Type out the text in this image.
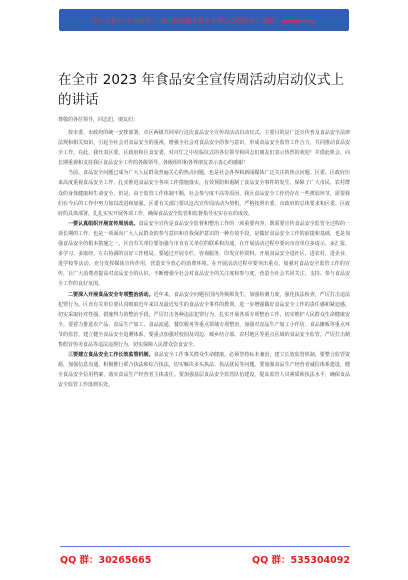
关注头条号"公文研究"，获得最新最全最专业的公文资料库！ 微信：gongwenyj
在全市 2023 年食品安全宣传周活动启动仪式上的讲话
尊敬的各位领导，同志们，朋友们：

按市委、市政府的统一安排部署，市区两级共同举行这次食品安全宣传周活动启动仪式。主要目的是广泛宣传普及食品安全法律法规和相关知识，引起全社会对食品安全的重视，增强全社会对食品安全的参与意识，形成食品安全监管工作合力，共同推动食品安全工作。在此，我代表区委、区政府和区食安委，对百忙之中莅临仪式的各位领导和同志们朋友们表示热烈的欢迎！并借此机会，向长期重视和支持我区食品安全工作的各级领导、各级组织和各界朋友表示衷心的感谢！

当前，食品安全问题已成为广大人民群众普遍关心的热点问题，也是社会各界和新闻媒体广泛关注的焦点问题。区委、区政府历来高度重视食品安全工作，扎实推进食品安全各项工作措施落实，有效预防和遏制了食品安全事件的发生，保障了广大市民、农村群众的身体健康和生命安全。但是，由于监管工作体制不顺，社会参与度不高等原因，我区食品安全工作仍存在一些薄弱环节，需要我们在今后的工作中努力加以改进和加强。区委有关部门要以这次宣传周活动为契机，严格按照市委、市政府的总体要求和区委、区政府的具体部署，扎扎实实开展各项工作，确保食品安全监管和监督指导实实在在的成效。

一要认真组织开展宣传周活动。食品安全宣传是食品安全监督和整治工作的一项重要内容，既需要宣传食品安全监管全过程的一项长期的工作，也是一项面向广大人民群众的参与意识和自我保护意识的一种有效手段，是做好食品安全工作的前提和基础，也是加强食品安全的根本措施之一。区直有关单位要加强与市直有关单位的联系和沟通，在开展活动过程中要向市直单位多请示、多汇报、多学习、多取经，左右协调的良好工作格局。要通过开展专栏、咨询服务、印发宣传资料、开展食品安全进社区、进农村、进企业、进学校等活动，充分发挥媒体宣传作用，营造安全放心的消费环境。在开展活动过程中要突出重点，加强对食品安全监管工作的宣传，让广大消费者提高对食品安全的认识，不断增强全社会对食品安全的关注度和参与度，营造全社会共同关注、支持、参与食品安全工作的良好氛围。

二要深入开展食品安全专项整治活动。近年来，食品安全问题在国内外频频发生，加强检测力度，强化执法检查，严厉打击违法犯罪行为。区直有关单位要认真吸取近年来以及最近发生的食品安全事件的教训，进一步增强做好食品安全工作的责任感和紧迫感，切实采取针对性强、措施得力的整治手段，严厉打击各种违法犯罪行为，扎实开展各项专项整治工作，切实维护人民群众生命健康安全。要着力推进农产品、食品生产加工、食品流通、餐饮服务等重点领域专项整治，加强对食品生产加工小作坊、食品摊贩等重点环节的监管，建立健全食品安全追溯体系。要重点加强对校园及周边、城乡结合部、农村地区等重点区域的食品安全监管，严厉打击制售假冒伪劣食品等违法违规行为，切实保障人民群众饮食安全。

三要建立食品安全工作长效监管机制。食品安全工作事关群众生命健康，必须坚持标本兼治，建立长效监管机制，要整合监管资源，加强信息沟通，积极推行联合执法和综合执法，切实解决多头执法、执法扰民等问题。要加强食品生产经营者诚信体系建设，健全食品安全信用档案，落实食品生产经营者主体责任。要加强基层食品安全监管队伍建设，提高监管人员素质和执法水平，确保食品安全监管工作落到实处。

QQ 群：30265665	QQ 群：535304092
